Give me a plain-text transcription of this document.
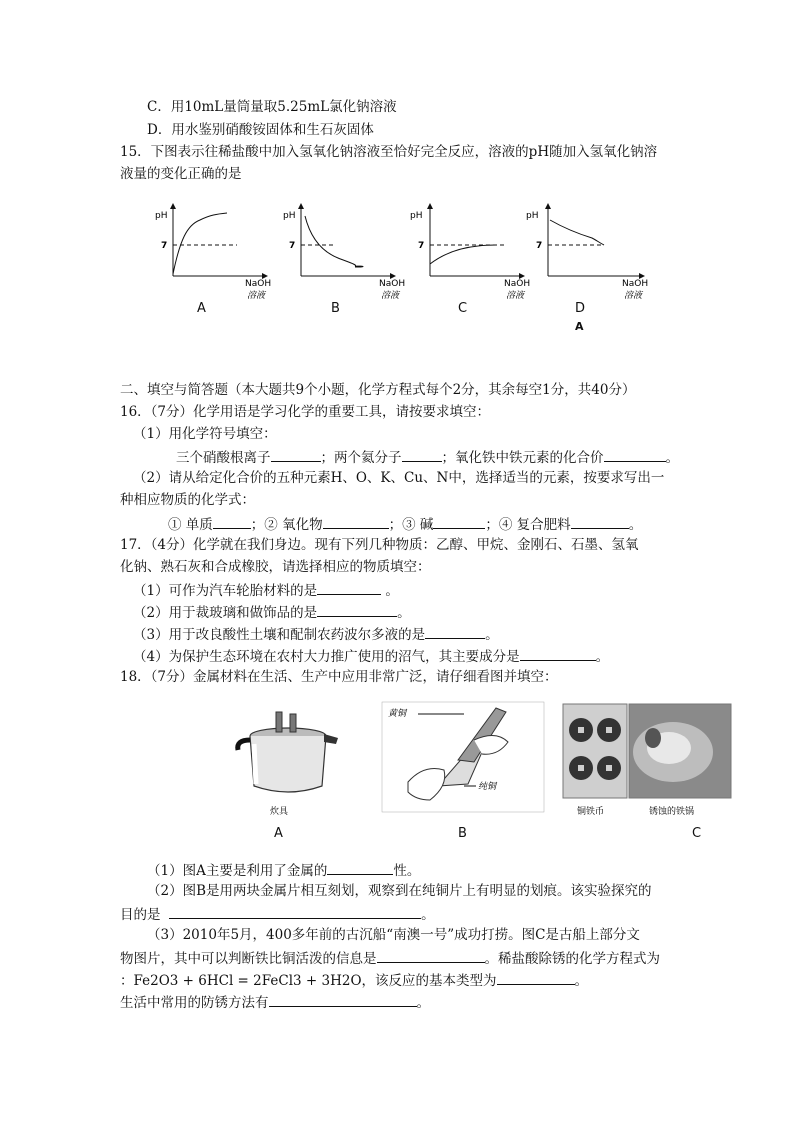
C．用10mL量筒量取5.25mL氯化钠溶液
D．用水鉴别硝酸铵固体和生石灰固体
15．下图表示往稀盐酸中加入氢氧化钠溶液至恰好完全反应，溶液的pH随加入氢氧化钠溶
液量的变化正确的是
pH
7
NaOH
溶液
A
pH
7
NaOH
溶液
B
pH
7
NaOH
溶液
C
pH
7
NaOH
溶液
D
A
二、填空与简答题（本大题共9个小题，化学方程式每个2分，其余每空1分，共40分）
16．（7分）化学用语是学习化学的重要工具，请按要求填空：
（1）用化学符号填空：
三个硝酸根离子	；两个氦分子	；氧化铁中铁元素的化合价	。
（2）请从给定化合价的五种元素H、O、K、Cu、N中，选择适当的元素，按要求写出一
种相应物质的化学式：
① 单质	；② 氧化物	；③ 碱	；④ 复合肥料	。
17．（4分）化学就在我们身边。现有下列几种物质：乙醇、甲烷、金刚石、石墨、氢氧
化钠、熟石灰和合成橡胶，请选择相应的物质填空：
（1）可作为汽车轮胎材料的是	。
（2）用于裁玻璃和做饰品的是	。
（3）用于改良酸性土壤和配制农药波尔多液的是	。
（4）为保护生态环境在农村大力推广使用的沼气，其主要成分是	。
18．（7分）金属材料在生活、生产中应用非常广泛，请仔细看图并填空：
炊具
A
黄铜
纯铜
B
铜铁币	锈蚀的铁锅
C
（1）图A主要是利用了金属的	性。
（2）图B是用两块金属片相互刻划，观察到在纯铜片上有明显的划痕。该实验探究的
目的是	。
（3）2010年5月，400多年前的古沉船“南澳一号”成功打捞。图C是古船上部分文
物图片，其中可以判断铁比铜活泼的信息是	。稀盐酸除锈的化学方程式为
：Fe2O3 + 6HCl = 2FeCl3 + 3H2O，该反应的基本类型为	。
生活中常用的防锈方法有	。
